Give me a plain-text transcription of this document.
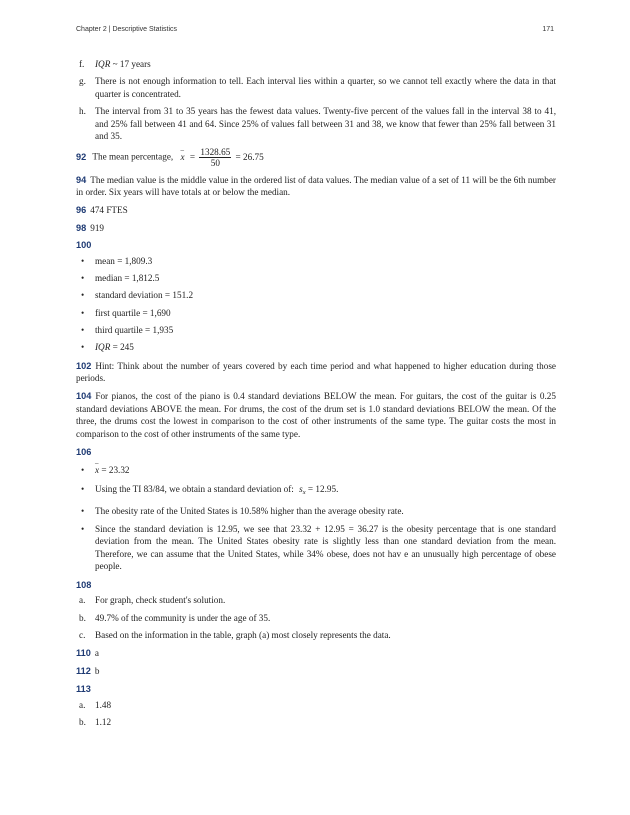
Chapter 2 | Descriptive Statistics	171
f. IQR ~ 17 years
g. There is not enough information to tell. Each interval lies within a quarter, so we cannot tell exactly where the data in that quarter is concentrated.
h. The interval from 31 to 35 years has the fewest data values. Twenty-five percent of the values fall in the interval 38 to 41, and 25% fall between 41 and 64. Since 25% of values fall between 31 and 38, we know that fewer than 25% fall between 31 and 35.
92 The mean percentage, – $x = \frac{1328.65}{50} = 26.75$
94 The median value is the middle value in the ordered list of data values. The median value of a set of 11 will be the 6th number in order. Six years will have totals at or below the median.
96 474 FTES
98 919
100
• mean = 1,809.3
• median = 1,812.5
• standard deviation = 151.2
• first quartile = 1,690
• third quartile = 1,935
• IQR = 245
102 Hint: Think about the number of years covered by each time period and what happened to higher education during those periods.
104 For pianos, the cost of the piano is 0.4 standard deviations BELOW the mean. For guitars, the cost of the guitar is 0.25 standard deviations ABOVE the mean. For drums, the cost of the drum set is 1.0 standard deviations BELOW the mean. Of the three, the drums cost the lowest in comparison to the cost of other instruments of the same type. The guitar costs the most in comparison to the cost of other instruments of the same type.
106
• – x = 23.32
• Using the TI 83/84, we obtain a standard deviation of: $s_x = 12.95$.
• The obesity rate of the United States is 10.58% higher than the average obesity rate.
• Since the standard deviation is 12.95, we see that 23.32 + 12.95 = 36.27 is the obesity percentage that is one standard deviation from the mean. The United States obesity rate is slightly less than one standard deviation from the mean. Therefore, we can assume that the United States, while 34% obese, does not hav e an unusually high percentage of obese people.
108
a. For graph, check student's solution.
b. 49.7% of the community is under the age of 35.
c. Based on the information in the table, graph (a) most closely represents the data.
110 a
112 b
113
a. 1.48
b. 1.12
